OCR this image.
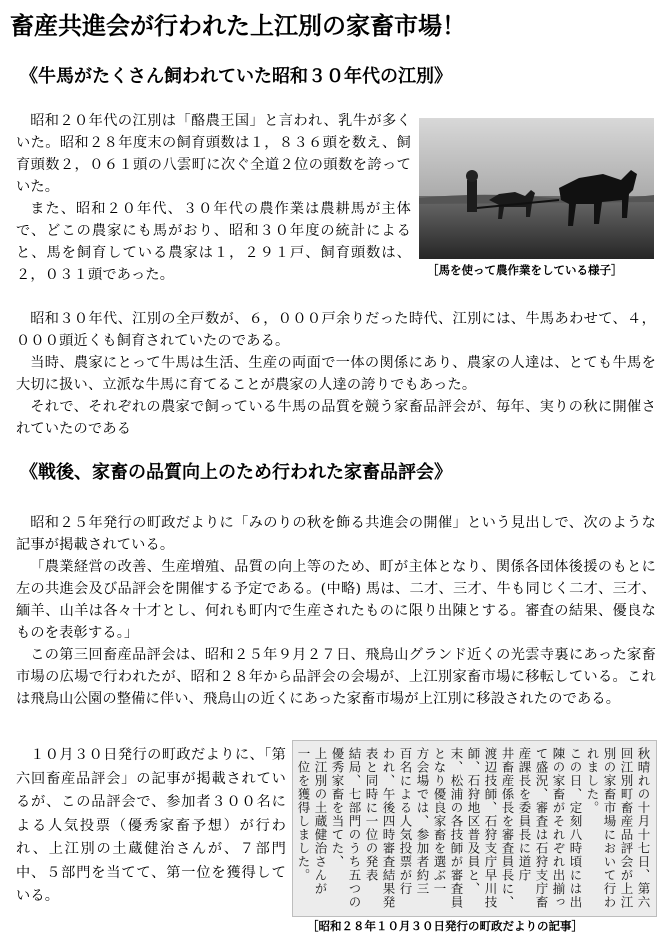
畜産共進会が行われた上江別の家畜市場！
《牛馬がたくさん飼われていた昭和３０年代の江別》
［馬を使って農作業をしている様子］

昭和２０年代の江別は「酪農王国」と言われ、乳牛が多くいた。昭和２８年度末の飼育頭数は１，８３６頭を数え、飼育頭数２，０６１頭の八雲町に次ぐ全道２位の頭数を誇っていた。

また、昭和２０年代、３０年代の農作業は農耕馬が主体で、どこの農家にも馬がおり、昭和３０年度の統計によると、馬を飼育している農家は１，２９１戸、飼育頭数は、２，０３１頭であった。

昭和３０年代、江別の全戸数が、６，０００戸余りだった時代、江別には、牛馬あわせて、４，０００頭近くも飼育されていたのである。

当時、農家にとって牛馬は生活、生産の両面で一体の関係にあり、農家の人達は、とても牛馬を大切に扱い、立派な牛馬に育てることが農家の人達の誇りでもあった。

それで、それぞれの農家で飼っている牛馬の品質を競う家畜品評会が、毎年、実りの秋に開催されていたのである

《戦後、家畜の品質向上のため行われた家畜品評会》

昭和２５年発行の町政だよりに「みのりの秋を飾る共進会の開催」という見出しで、次のような記事が掲載されている。

「農業経営の改善、生産増殖、品質の向上等のため、町が主体となり、関係各団体後援のもとに左の共進会及び品評会を開催する予定である。(中略) 馬は、二才、三才、牛も同じく二才、三才、緬羊、山羊は各々十才とし、何れも町内で生産されたものに限り出陳とする。審査の結果、優良なものを表彰する。」

この第三回畜産品評会は、昭和２５年９月２７日、飛鳥山グランド近くの光雲寺裏にあった家畜市場の広場で行われたが、昭和２８年から品評会の会場が、上江別家畜市場に移転している。これは飛鳥山公園の整備に伴い、飛鳥山の近くにあった家畜市場が上江別に移設されたのである。

１０月３０日発行の町政だよりに、「第六回畜産品評会」の記事が掲載されているが、この品評会で、参加者３００名による人気投票（優秀家畜予想）が行われ、上江別の土蔵健治さんが、７部門中、５部門を当てて、第一位を獲得している。	秋晴れの十月十七日、第六
回江別町畜産品評会が上江
別の家畜市場において行わ
れました。
この日、定刻八時頃には出
陳の家畜がそれぞれ出揃っ
て盛況、審査は石狩支庁畜
産課長を委員長に道庁
井畜産係長を審査員長に、
渡辺技師、石狩支庁早川技
師、石狩地区普及員と、
末、松浦の各技師が審査員
となり優良家畜を選ぶ一
方会場では、参加者約三
百名による人気投票が行
われ、午後四時審査結果発
表と同時に一位の発表
結局、七部門のうち五つの
優秀家畜を当てた、
上江別の土蔵健治さんが
一位を獲得しました。
［昭和２８年１０月３０日発行の町政だよりの記事］
